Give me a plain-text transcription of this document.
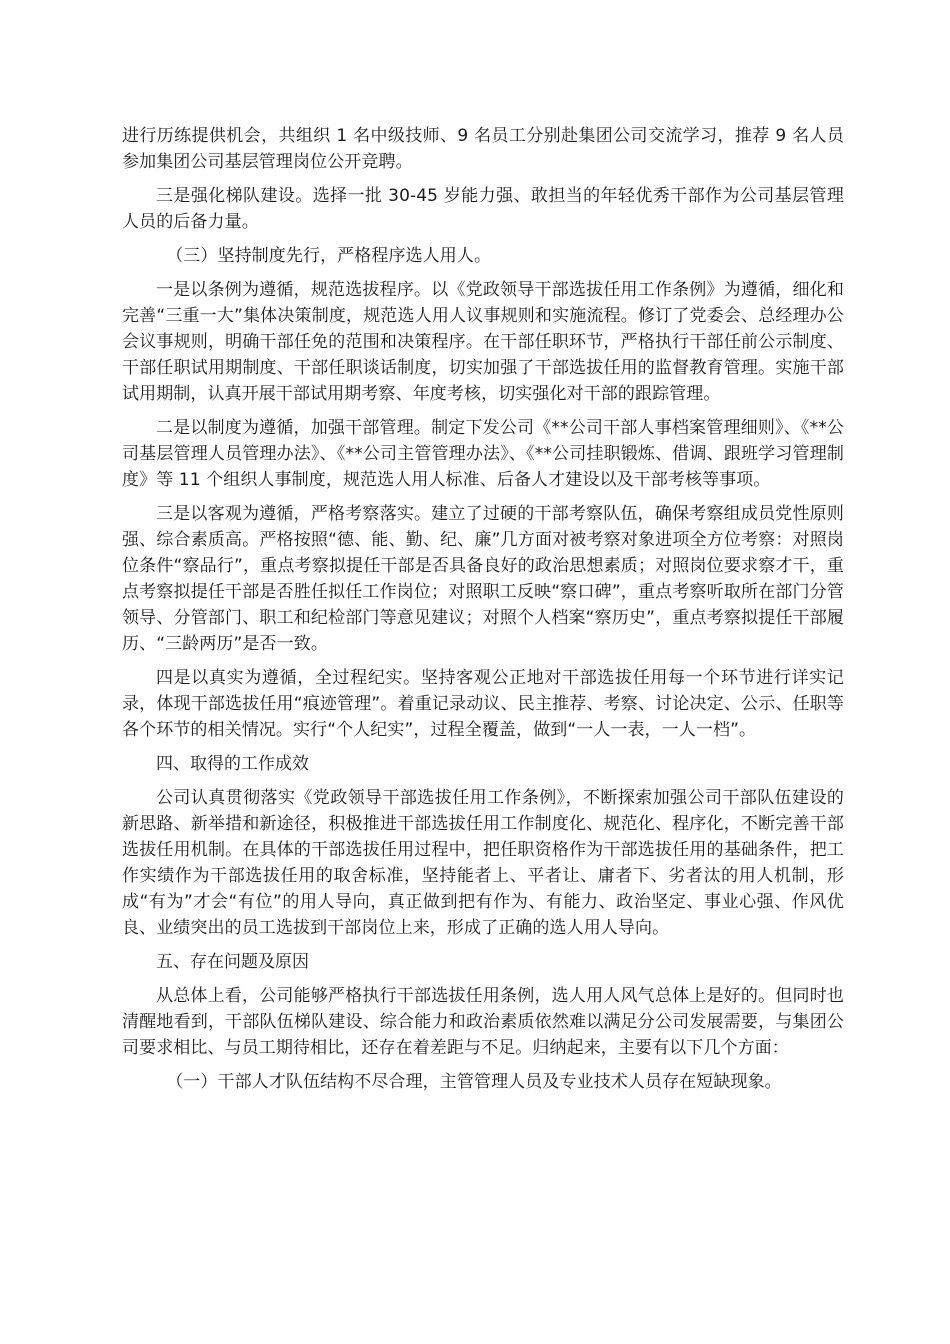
进行历练提供机会，共组织 1 名中级技师、9 名员工分别赴集团公司交流学习，推荐 9 名人员参加集团公司基层管理岗位公开竞聘。

三是强化梯队建设。选择一批 30-45 岁能力强、敢担当的年轻优秀干部作为公司基层管理人员的后备力量。

（三）坚持制度先行，严格程序选人用人。

一是以条例为遵循，规范选拔程序。以《党政领导干部选拔任用工作条例》为遵循，细化和完善“三重一大”集体决策制度，规范选人用人议事规则和实施流程。修订了党委会、总经理办公会议事规则，明确干部任免的范围和决策程序。在干部任职环节，严格执行干部任前公示制度、干部任职试用期制度、干部任职谈话制度，切实加强了干部选拔任用的监督教育管理。实施干部试用期制，认真开展干部试用期考察、年度考核，切实强化对干部的跟踪管理。

二是以制度为遵循，加强干部管理。制定下发公司《**公司干部人事档案管理细则》、《**公司基层管理人员管理办法》、《**公司主管管理办法》、《**公司挂职锻炼、借调、跟班学习管理制度》等 11 个组织人事制度，规范选人用人标准、后备人才建设以及干部考核等事项。

三是以客观为遵循，严格考察落实。建立了过硬的干部考察队伍，确保考察组成员党性原则强、综合素质高。严格按照“德、能、勤、纪、廉”几方面对被考察对象进项全方位考察：对照岗位条件“察品行”，重点考察拟提任干部是否具备良好的政治思想素质；对照岗位要求察才干，重点考察拟提任干部是否胜任拟任工作岗位；对照职工反映“察口碑”，重点考察听取所在部门分管领导、分管部门、职工和纪检部门等意见建议；对照个人档案“察历史”，重点考察拟提任干部履历、“三龄两历”是否一致。

四是以真实为遵循，全过程纪实。坚持客观公正地对干部选拔任用每一个环节进行详实记录，体现干部选拔任用“痕迹管理”。着重记录动议、民主推荐、考察、讨论决定、公示、任职等各个环节的相关情况。实行“个人纪实”，过程全覆盖，做到“一人一表，一人一档”。

四、取得的工作成效

公司认真贯彻落实《党政领导干部选拔任用工作条例》，不断探索加强公司干部队伍建设的新思路、新举措和新途径，积极推进干部选拔任用工作制度化、规范化、程序化，不断完善干部选拔任用机制。在具体的干部选拔任用过程中，把任职资格作为干部选拔任用的基础条件，把工作实绩作为干部选拔任用的取舍标准，坚持能者上、平者让、庸者下、劣者汰的用人机制，形成“有为”才会“有位”的用人导向，真正做到把有作为、有能力、政治坚定、事业心强、作风优良、业绩突出的员工选拔到干部岗位上来，形成了正确的选人用人导向。

五、存在问题及原因

从总体上看，公司能够严格执行干部选拔任用条例，选人用人风气总体上是好的。但同时也清醒地看到，干部队伍梯队建设、综合能力和政治素质依然难以满足分公司发展需要，与集团公司要求相比、与员工期待相比，还存在着差距与不足。归纳起来，主要有以下几个方面：

（一）干部人才队伍结构不尽合理，主管管理人员及专业技术人员存在短缺现象。
